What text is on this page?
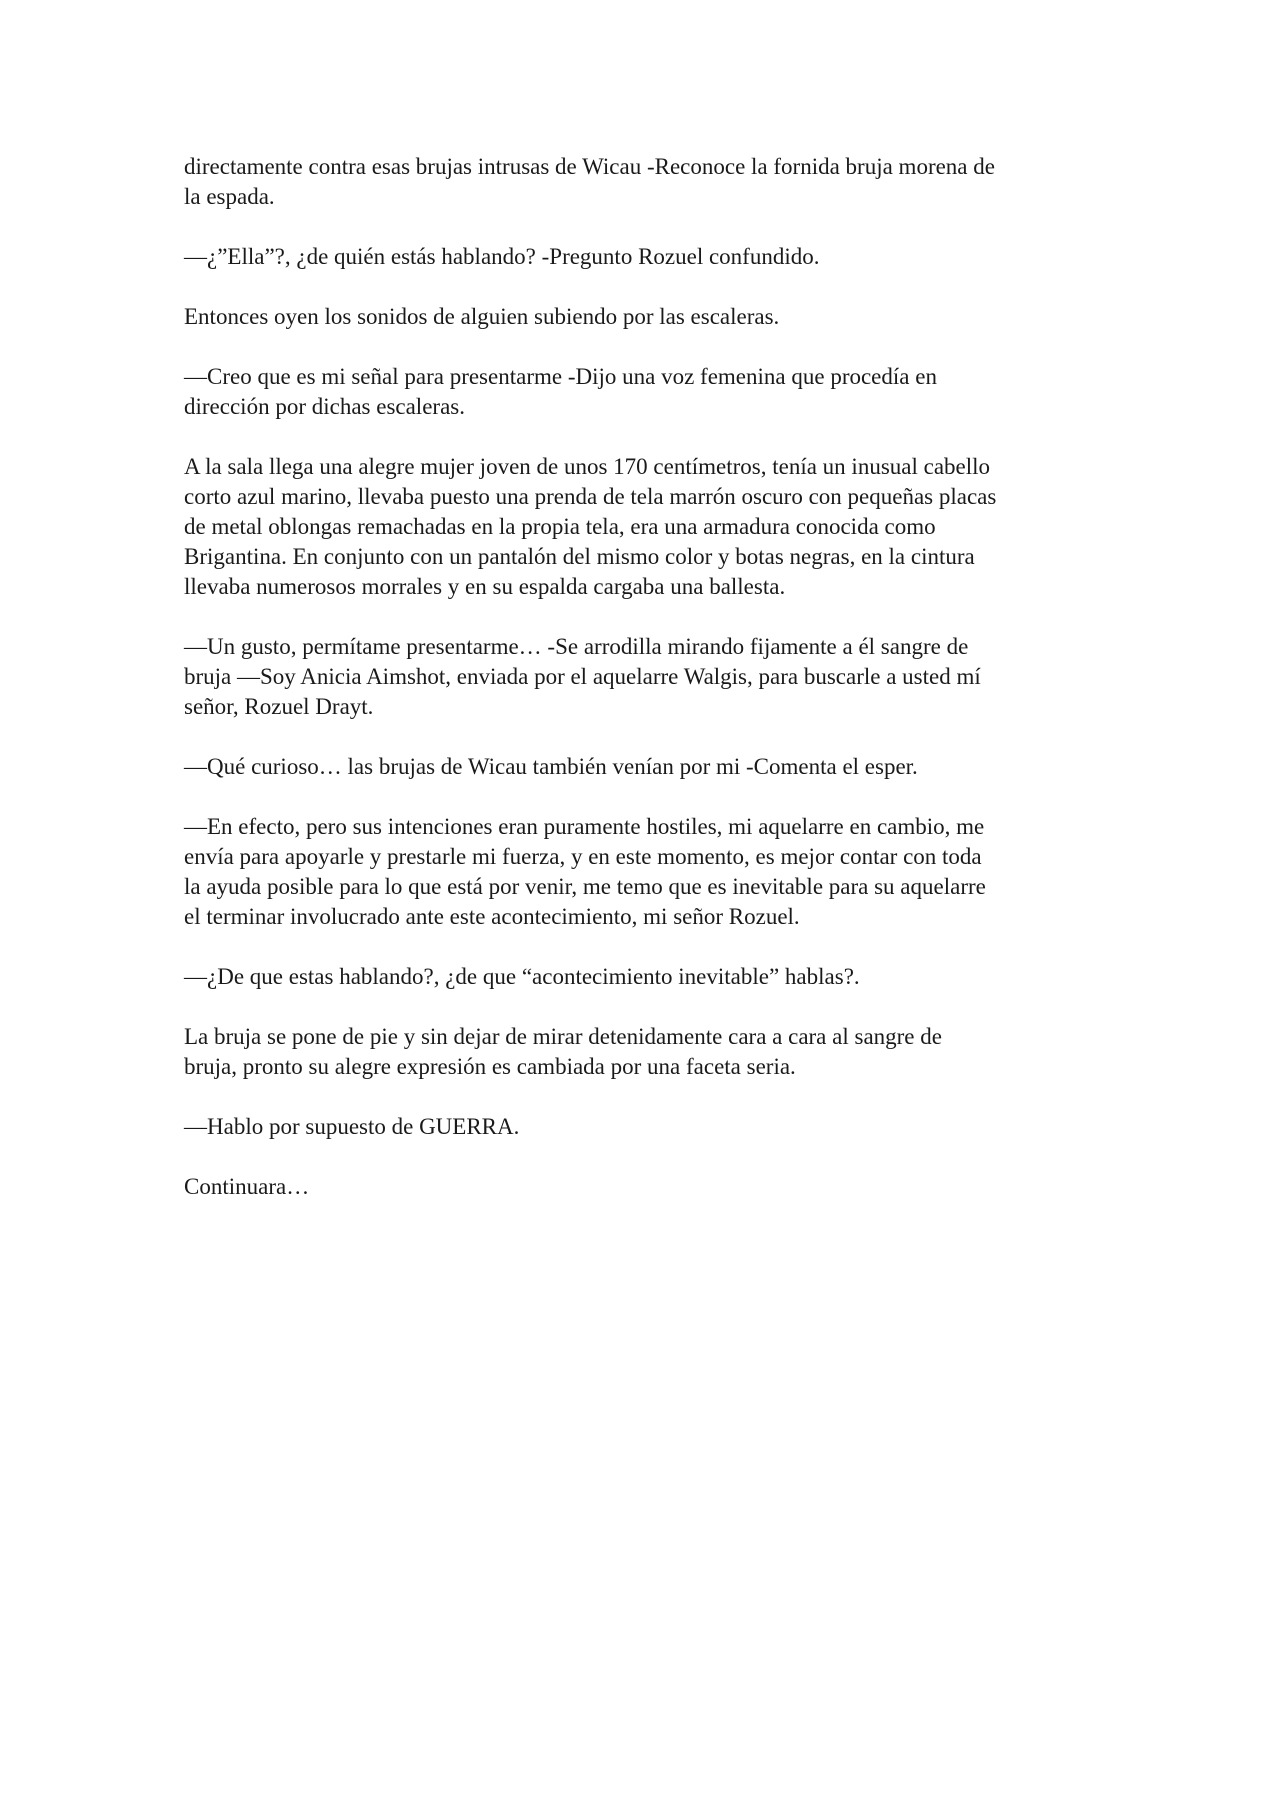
directamente contra esas brujas intrusas de Wicau -Reconoce la fornida bruja morena de
la espada.

—¿”Ella”?, ¿de quién estás hablando? -Pregunto Rozuel confundido.

Entonces oyen los sonidos de alguien subiendo por las escaleras.

—Creo que es mi señal para presentarme -Dijo una voz femenina que procedía en
dirección por dichas escaleras.

A la sala llega una alegre mujer joven de unos 170 centímetros, tenía un inusual cabello
corto azul marino, llevaba puesto una prenda de tela marrón oscuro con pequeñas placas
de metal oblongas remachadas en la propia tela, era una armadura conocida como
Brigantina. En conjunto con un pantalón del mismo color y botas negras, en la cintura
llevaba numerosos morrales y en su espalda cargaba una ballesta.

—Un gusto, permítame presentarme… -Se arrodilla mirando fijamente a él sangre de
bruja —Soy Anicia Aimshot, enviada por el aquelarre Walgis, para buscarle a usted mí
señor, Rozuel Drayt.

—Qué curioso… las brujas de Wicau también venían por mi -Comenta el esper.

—En efecto, pero sus intenciones eran puramente hostiles, mi aquelarre en cambio, me
envía para apoyarle y prestarle mi fuerza, y en este momento, es mejor contar con toda
la ayuda posible para lo que está por venir, me temo que es inevitable para su aquelarre
el terminar involucrado ante este acontecimiento, mi señor Rozuel.

—¿De que estas hablando?, ¿de que “acontecimiento inevitable” hablas?.

La bruja se pone de pie y sin dejar de mirar detenidamente cara a cara al sangre de
bruja, pronto su alegre expresión es cambiada por una faceta seria.

—Hablo por supuesto de GUERRA.

Continuara…
